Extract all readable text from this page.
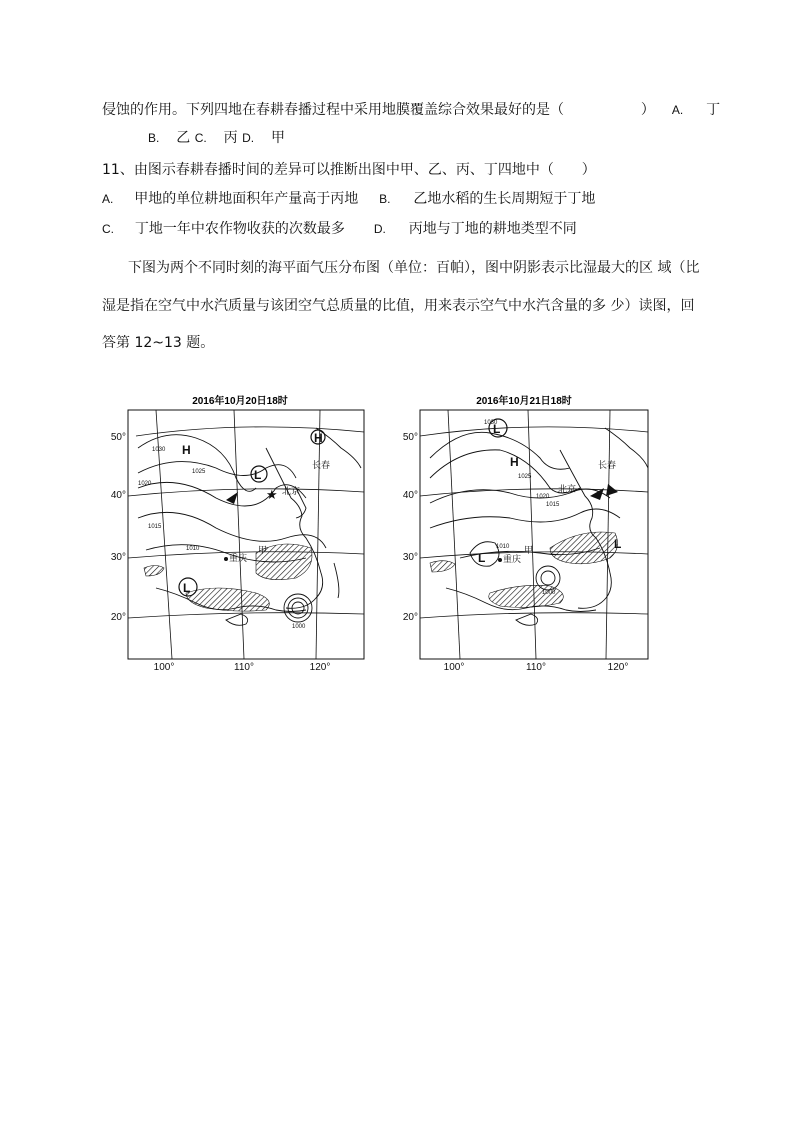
侵蚀的作用。下列四地在春耕春播过程中采用地膜覆盖综合效果最好的是（	） A. 丁
B. 乙 C. 丙 D. 甲
11、由图示春耕春播时间的差异可以推断出图中甲、乙、丙、丁四地中（　　）
A. 甲地的单位耕地面积年产量高于丙地 B. 乙地水稻的生长周期短于丁地
C. 丁地一年中农作物收获的次数最多 D. 丙地与丁地的耕地类型不同
下图为两个不同时刻的海平面气压分布图（单位：百帕），图中阴影表示比湿最大的区 域（比
湿是指在空气中水汽质量与该团空气总质量的比值，用来表示空气中水汽含量的多 少）读图，回
答第 12~13 题。
2016年10月20日18时
H
L
H
L
长春
★ 北京
重庆
甲
1030
1025
1020
1015
1010
1000
50°
40°
30°
20°
100°	110°	120°
2016年10月21日18时
L
H
L
L
长春
北京
重庆
甲
1030
1025
1020
1015
1010
1000
50°
40°
30°
20°
100°	110°	120°
